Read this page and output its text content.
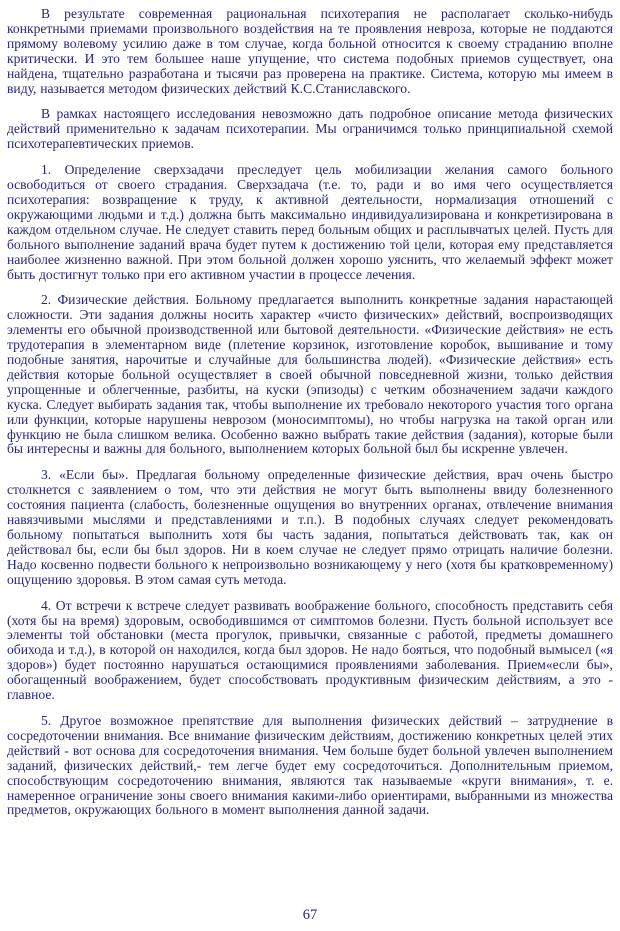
В результате современная рациональная психотерапия не располагает сколько-нибудь конкретными приемами произвольного воздействия на те проявления невроза, которые не поддаются прямому волевому усилию даже в том случае, когда больной относится к своему страданию вполне критически. И это тем большее наше упущение, что система подобных приемов существует, она найдена, тщательно разработана и тысячи раз проверена на практике. Система, которую мы имеем в виду, называется методом физических действий К.С.Станиславского.

В рамках настоящего исследования невозможно дать подробное описание метода физических действий применительно к задачам психотерапии. Мы ограничимся только принципиальной схемой психотерапевтических приемов.

1. Определение сверхзадачи преследует цель мобилизации желания самого больного освободиться от своего страдания. Сверхзадача (т.е. то, ради и во имя чего осуществляется психотерапия: возвращение к труду, к активной деятельности, нормализация отношений с окружающими людьми и т.д.) должна быть максимально индивидуализирована и конкретизирована в каждом отдельном случае. Не следует ставить перед больным общих и расплывчатых целей. Пусть для больного выполнение заданий врача будет путем к достижению той цели, которая ему представляется наиболее жизненно важной. При этом больной должен хорошо уяснить, что желаемый эффект может быть достигнут только при его активном участии в процессе лечения.

2. Физические действия. Больному предлагается выполнить конкретные задания нарастающей сложности. Эти задания должны носить характер «чисто физических» действий, воспроизводящих элементы его обычной производственной или бытовой деятельности. «Физические действия» не есть трудотерапия в элементарном виде (плетение корзинок, изготовление коробок, вышивание и тому подобные занятия, нарочитые и случайные для большинства людей). «Физические действия» есть действия которые больной осуществляет в своей обычной повседневной жизни, только действия упрощенные и облегченные, разбиты, на куски (эпизоды) с четким обозначением задачи каждого куска. Следует выбирать задания так, чтобы выполнение их требовало некоторого участия того органа или функции, которые нарушены неврозом (моносимптомы), но чтобы нагрузка на такой орган или функцию не была слишком велика. Особенно важно выбрать такие действия (задания), которые были бы интересны и важны для больного, выполнением которых больной был бы искренне увлечен.

3. «Если бы». Предлагая больному определенные физические действия, врач очень быстро столкнется с заявлением о том, что эти действия не могут быть выполнены ввиду болезненного состояния пациента (слабость, болезненные ощущения во внутренних органах, отвлечение внимания навязчивыми мыслями и представлениями и т.п.). В подобных случаях следует рекомендовать больному попытаться выполнить хотя бы часть задания, попытаться действовать так, как он действовал бы, если бы был здоров. Ни в коем случае не следует прямо отрицать наличие болезни. Надо косвенно подвести больного к непроизвольно возникающему у него (хотя бы кратковременному) ощущению здоровья. В этом самая суть метода.

4. От встречи к встрече следует развивать воображение больного, способность представить себя (хотя бы на время) здоровым, освободившимся от симптомов болезни. Пусть больной использует все элементы той обстановки (места прогулок, привычки, связанные с работой, предметы домашнего обихода и т.д.), в которой он находился, когда был здоров. Не надо бояться, что подобный вымысел («я здоров») будет постоянно нарушаться остающимися проявлениями заболевания. Прием«если бы», обогащенный воображением, будет способствовать продуктивным физическим действиям, а это - главное.

5. Другое возможное препятствие для выполнения физических действий – затруднение в сосредоточении внимания. Все внимание физическим действиям, достижению конкретных целей этих действий - вот основа для сосредоточения внимания. Чем больше будет больной увлечен выполнением заданий, физических действий,- тем легче будет ему сосредоточиться. Дополнительным приемом, способствующим сосредоточению внимания, являются так называемые «круги внимания», т. е. намеренное ограничение зоны своего внимания какими-либо ориентирами, выбранными из множества предметов, окружающих больного в момент выполнения данной задачи.

67
